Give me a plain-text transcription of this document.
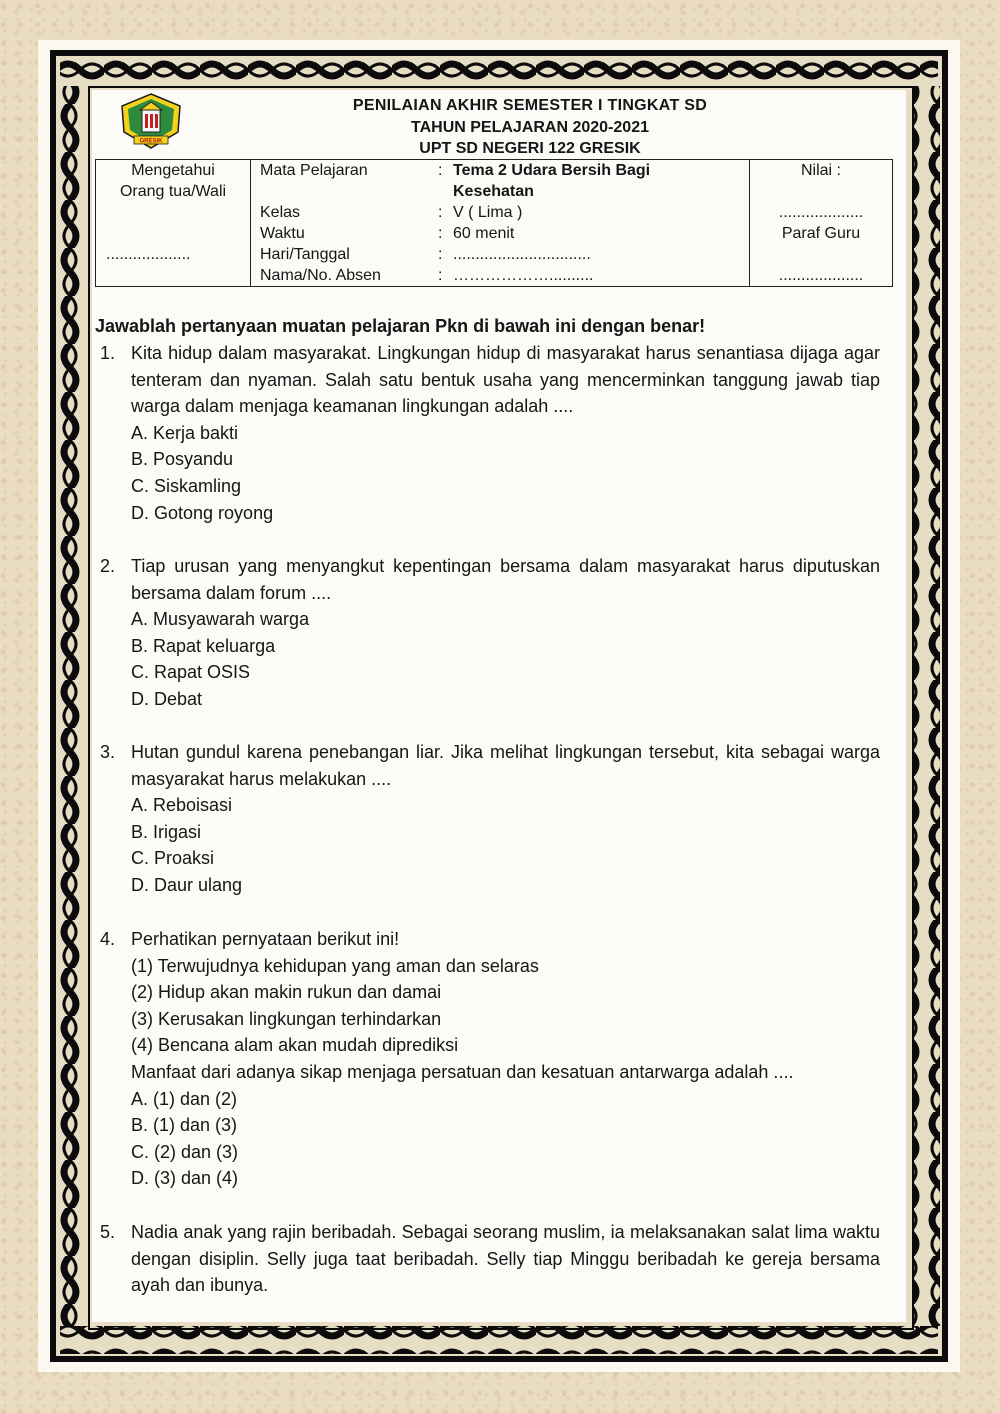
GRESIK
PENILAIAN AKHIR SEMESTER I TINGKAT SD
TAHUN PELAJARAN 2020-2021
UPT SD NEGERI 122 GRESIK
Mengetahui
Orang tua/Wali
...................

Mata Pelajaran	: Tema 2 Udara Bersih Bagi
Kesehatan
Kelas	: V ( Lima )
Waktu	: 60 menit
Hari/Tanggal	: ...............................
Nama/No. Absen	: ………………..........

Nilai :
...................
Paraf Guru
...................
Jawablah pertanyaan muatan pelajaran Pkn di bawah ini dengan benar!
1. Kita hidup dalam masyarakat. Lingkungan hidup di masyarakat harus senantiasa dijaga agar tenteram dan nyaman. Salah satu bentuk usaha yang mencerminkan tanggung jawab tiap warga dalam menjaga keamanan lingkungan adalah ....
A. Kerja bakti
B. Posyandu
C. Siskamling
D. Gotong royong
2. Tiap urusan yang menyangkut kepentingan bersama dalam masyarakat harus diputuskan bersama dalam forum ....
A. Musyawarah warga
B. Rapat keluarga
C. Rapat OSIS
D. Debat
3. Hutan gundul karena penebangan liar. Jika melihat lingkungan tersebut, kita sebagai warga masyarakat harus melakukan ....
A. Reboisasi
B. Irigasi
C. Proaksi
D. Daur ulang
4. Perhatikan pernyataan berikut ini!
(1) Terwujudnya kehidupan yang aman dan selaras
(2) Hidup akan makin rukun dan damai
(3) Kerusakan lingkungan terhindarkan
(4) Bencana alam akan mudah diprediksi
Manfaat dari adanya sikap menjaga persatuan dan kesatuan antarwarga adalah ....
A. (1) dan (2)
B. (1) dan (3)
C. (2) dan (3)
D. (3) dan (4)
5. Nadia anak yang rajin beribadah. Sebagai seorang muslim, ia melaksanakan salat lima waktu dengan disiplin. Selly juga taat beribadah. Selly tiap Minggu beribadah ke gereja bersama ayah dan ibunya.
